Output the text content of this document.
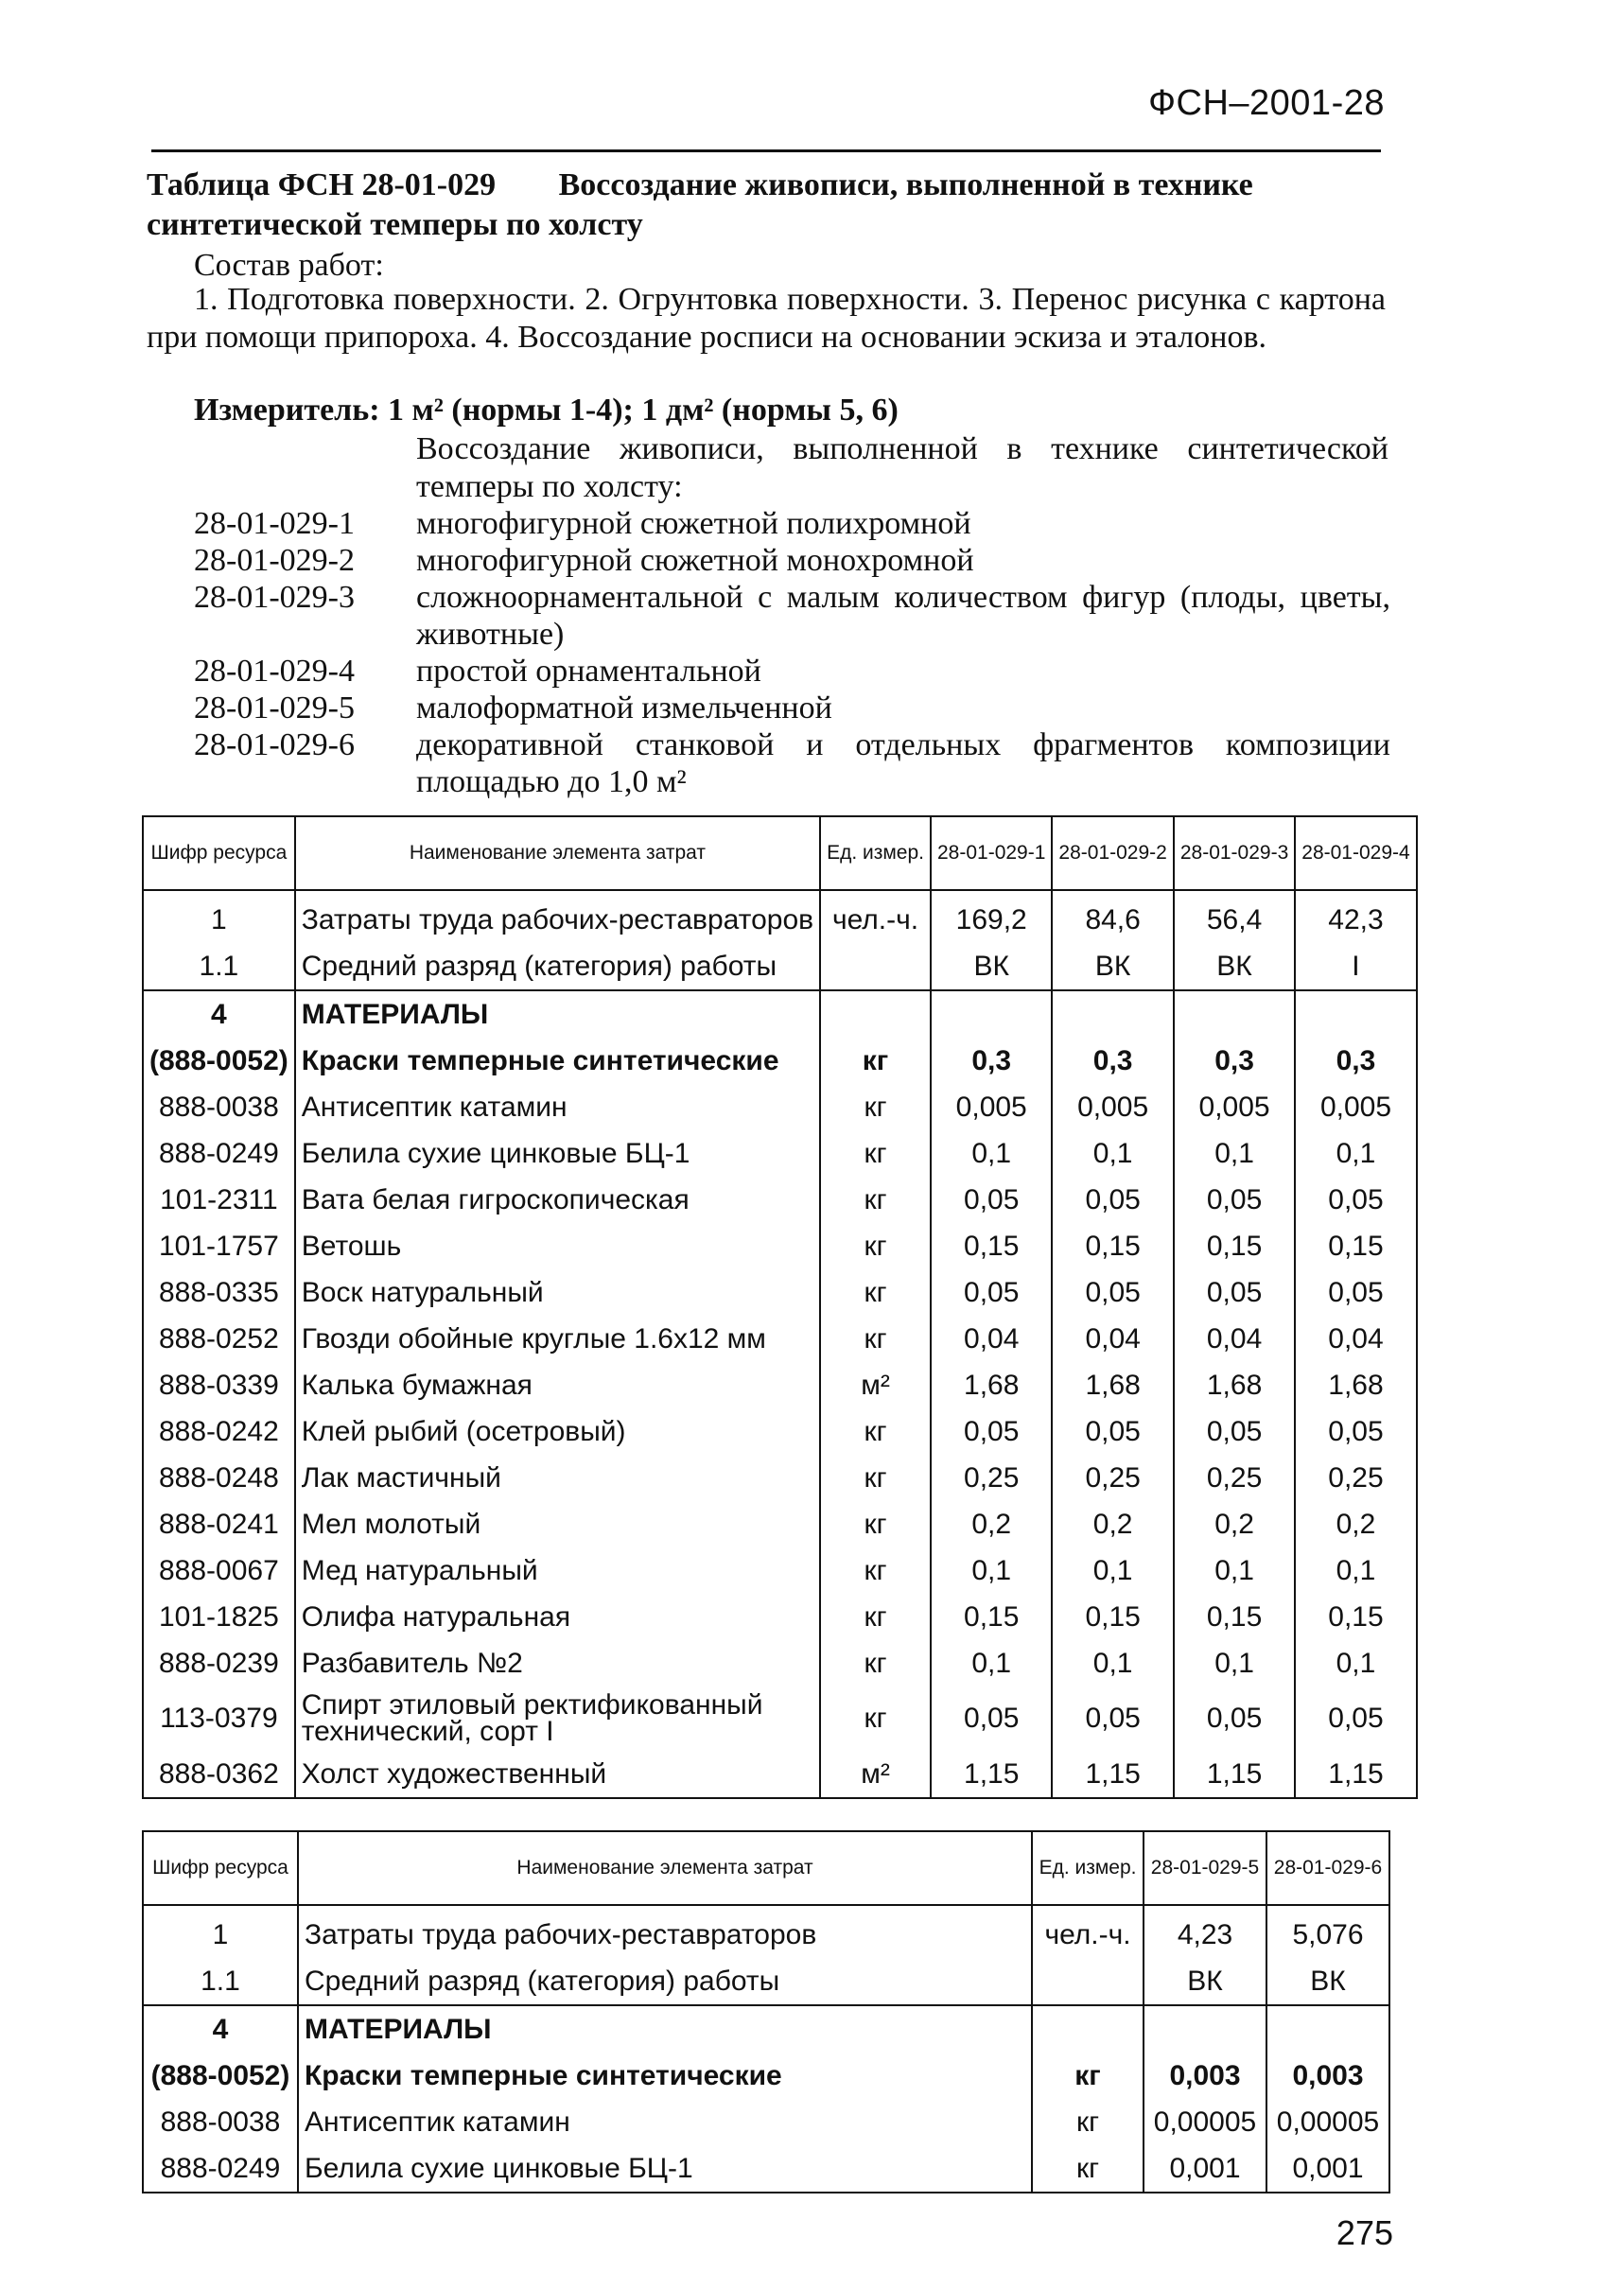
ФСН–2001-28
Таблица ФСН 28-01-029 Воссоздание живописи, выполненной в технике синтетической темперы по холсту
Состав работ:
1. Подготовка поверхности. 2. Огрунтовка поверхности. 3. Перенос рисунка с картона при помощи припороха. 4. Воссоздание росписи на основании эскиза и эталонов.
Измеритель: 1 м² (нормы 1-4); 1 дм² (нормы 5, 6)
Воссоздание живописи, выполненной в технике синтетической темперы по холсту:
28-01-029-1	многофигурной сюжетной полихромной
28-01-029-2	многофигурной сюжетной монохромной
28-01-029-3	сложноорнаментальной с малым количеством фигур (плоды, цветы, животные)
28-01-029-4	простой орнаментальной
28-01-029-5	малоформатной измельченной
28-01-029-6	декоративной станковой и отдельных фрагментов композиции площадью до 1,0 м²
Шифр ресурса	Наименование элемента затрат	Ед. измер.	28-01-029-1	28-01-029-2	28-01-029-3	28-01-029-4
1	Затраты труда рабочих-реставраторов	чел.-ч.	169,2	84,6	56,4	42,3
1.1	Средний разряд (категория) работы		ВК	ВК	ВК	I
4	МАТЕРИАЛЫ					
(888-0052)	Краски темперные синтетические	кг	0,3	0,3	0,3	0,3
888-0038	Антисептик катамин	кг	0,005	0,005	0,005	0,005
888-0249	Белила сухие цинковые БЦ-1	кг	0,1	0,1	0,1	0,1
101-2311	Вата белая гигроскопическая	кг	0,05	0,05	0,05	0,05
101-1757	Ветошь	кг	0,15	0,15	0,15	0,15
888-0335	Воск натуральный	кг	0,05	0,05	0,05	0,05
888-0252	Гвозди обойные круглые 1.6х12 мм	кг	0,04	0,04	0,04	0,04
888-0339	Калька бумажная	м²	1,68	1,68	1,68	1,68
888-0242	Клей рыбий (осетровый)	кг	0,05	0,05	0,05	0,05
888-0248	Лак мастичный	кг	0,25	0,25	0,25	0,25
888-0241	Мел молотый	кг	0,2	0,2	0,2	0,2
888-0067	Мед натуральный	кг	0,1	0,1	0,1	0,1
101-1825	Олифа натуральная	кг	0,15	0,15	0,15	0,15
888-0239	Разбавитель №2	кг	0,1	0,1	0,1	0,1
113-0379	Спирт этиловый ректификованный технический, сорт I	кг	0,05	0,05	0,05	0,05
888-0362	Холст художественный	м²	1,15	1,15	1,15	1,15
Шифр ресурса	Наименование элемента затрат	Ед. измер.	28-01-029-5	28-01-029-6
1	Затраты труда рабочих-реставраторов	чел.-ч.	4,23	5,076
1.1	Средний разряд (категория) работы		ВК	ВК
4	МАТЕРИАЛЫ			
(888-0052)	Краски темперные синтетические	кг	0,003	0,003
888-0038	Антисептик катамин	кг	0,00005	0,00005
888-0249	Белила сухие цинковые БЦ-1	кг	0,001	0,001
275
